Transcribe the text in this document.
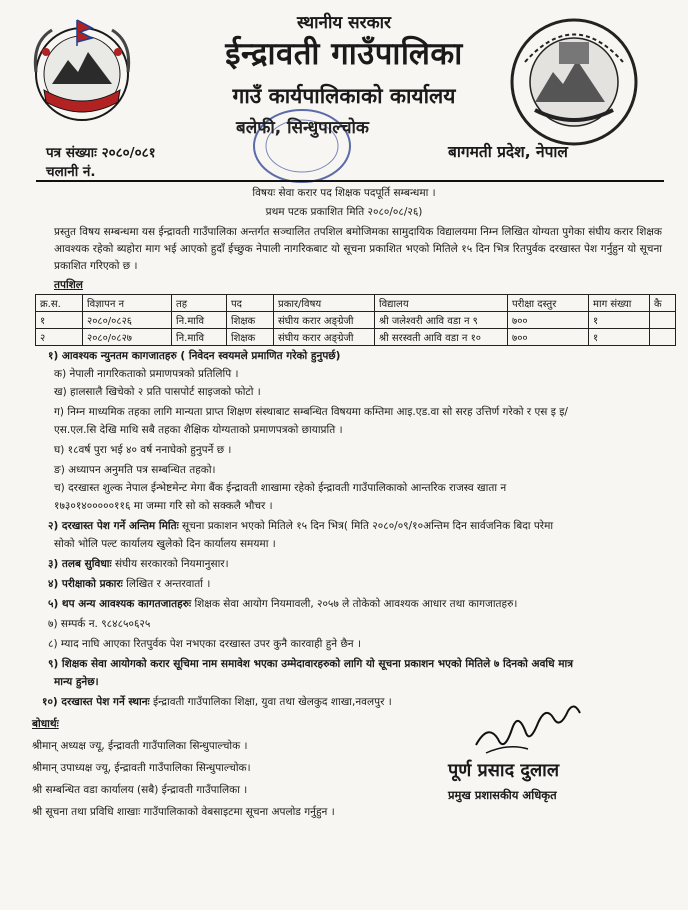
स्थानीय सरकार
ईन्द्रावती गाउँपालिका
गाउँ कार्यपालिकाको कार्यालय
बलेफी, सिन्धुपाल्चोक
पत्र संख्याः २०८०/०८१
चलानी नं.
बागमती प्रदेश, नेपाल
विषयः सेवा करार पद शिक्षक पदपूर्ति सम्बन्धमा ।
प्रथम पटक प्रकाशित मिति २०८०/०८/२६)
प्रस्तुत विषय सम्बन्धमा यस ईन्द्रावती गाउँपालिका अन्तर्गत सञ्चालित तपशिल बमोजिमका सामुदायिक विद्यालयमा निम्न लिखित योग्यता पुगेका संघीय करार शिक्षक आवश्यक रहेको ब्यहोरा माग भई आएको हुदाँ ईच्छुक नेपाली नागरिकबाट यो सूचना प्रकाशित भएको मितिले १५ दिन भित्र रितपुर्वक दरखास्त पेश गर्नुहुन यो सूचना प्रकाशित गरिएको छ ।
तपशिल
क्र.स.	विज्ञापन न	तह	पद	प्रकार/विषय	विद्यालय	परीक्षा दस्तुर	माग संख्या	कै
१	२०८०/०८२६	नि.मावि	शिक्षक	संघीय करार अङ्ग्रेजी	श्री जलेश्वरी आवि वडा न ९	७००	१	
२	२०८०/०८२७	नि.मावि	शिक्षक	संघीय करार अङ्ग्रेजी	श्री सरस्वती आवि वडा न १०	७००	१	
१) आवश्यक न्युनतम कागजातहरु ( निवेदन स्वयमले प्रमाणित गरेको हुनुपर्छ)
क) नेपाली नागरिकताको प्रमाणपत्रको प्रतिलिपि ।
ख) हालसालै खिचेको २ प्रति पासपोर्ट साइजको फोटो ।
ग) निम्न माध्यमिक तहका लागि मान्यता प्राप्त शिक्षण संस्थाबाट सम्बन्धित विषयमा कम्तिमा आइ.एड.वा सो सरह उत्तिर्ण गरेको र एस इ इ/
एस.एल.सि देखि माथि सबै तहका शैक्षिक योग्यताको प्रमाणपत्रको छायाप्रति ।
घ) १८वर्ष पुरा भई ४० वर्ष ननाघेको हुनुपर्ने छ ।
ङ) अध्यापन अनुमति पत्र सम्बन्धित तहको।
च) दरखास्त शुल्क नेपाल ईन्भेष्टमेन्ट मेगा बैंक ईन्द्रावती शाखामा रहेको ईन्द्रावती गाउँपालिकाको आन्तरिक राजस्व खाता न
१७३०१४०००००११६ मा जम्मा गरि सो को सक्कलै भौचर ।
२) दरखास्त पेश गर्ने अन्तिम मितिः सूचना प्रकाशन भएको मितिले १५ दिन भित्र( मिति २०८०/०९/१०अन्तिम दिन सार्वजनिक बिदा परेमा
सोको भोलि पल्ट कार्यालय खुलेको दिन कार्यालय समयमा ।
३) तलब सुविधाः संघीय सरकारको नियमानुसार।
४) परीक्षाको प्रकारः लिखित र अन्तरवार्ता ।
५) थप अन्य आवश्यक कागतजातहरुः शिक्षक सेवा आयोग नियमावली, २०५७ ले तोकेको आवश्यक आधार तथा कागजातहरु।
७) सम्पर्क न. ९८४८५०६२५
८) म्याद नाघि आएका रितपुर्वक पेश नभएका दरखास्त उपर कुनै कारवाही हुने छैन ।
९) शिक्षक सेवा आयोगको करार सूचिमा नाम समावेश भएका उम्मेदावारहरुको लागि यो सूचना प्रकाशन भएको मितिले ७ दिनको अवधि मात्र
मान्य हुनेछ।
१०) दरखास्त पेश गर्ने स्थानः ईन्द्रावती गाउँपालिका शिक्षा, युवा तथा खेलकुद शाखा,नवलपुर ।
बोधार्थः
श्रीमान् अध्यक्ष ज्यू, ईन्द्रावती गाउँपालिका सिन्धुपाल्चोक ।
श्रीमान् उपाध्यक्ष ज्यू, ईन्द्रावती गाउँपालिका सिन्धुपाल्चोक।
श्री सम्बन्धित वडा कार्यालय (सबै) ईन्द्रावती गाउँपालिका ।
श्री सूचना तथा प्रविधि शाखाः गाउँपालिकाको वेबसाइटमा सूचना अपलोड गर्नुहुन ।
पूर्ण प्रसाद दुलाल
प्रमुख प्रशासकीय अधिकृत
